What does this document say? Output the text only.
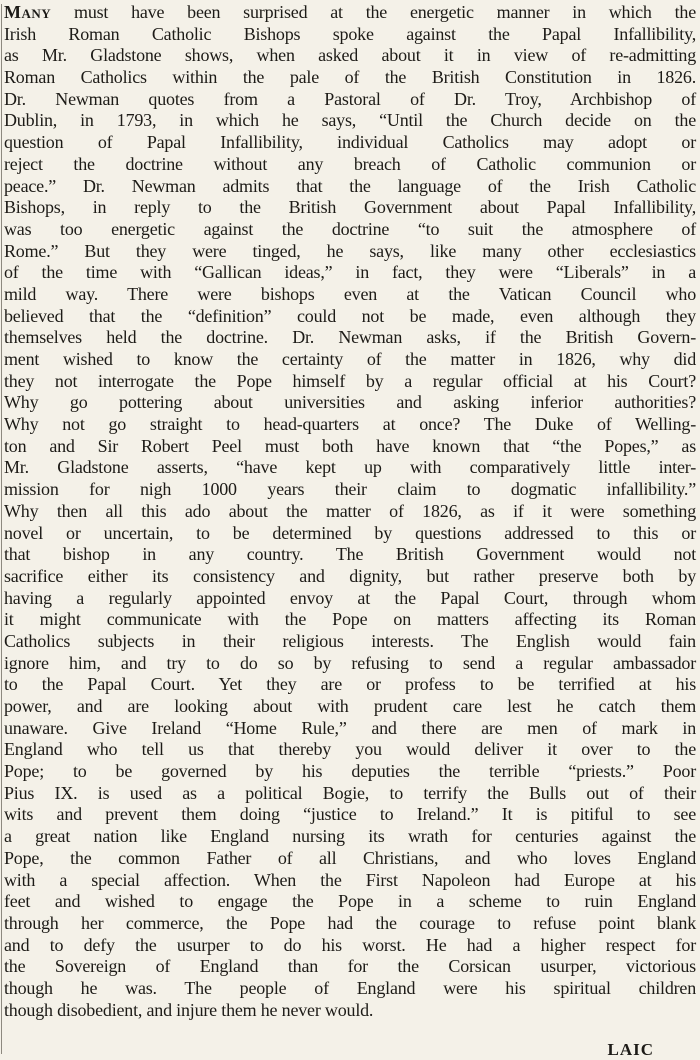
Many must have been surprised at the energetic manner in which the
Irish Roman Catholic Bishops spoke against the Papal Infallibility,
as Mr. Gladstone shows, when asked about it in view of re-admitting
Roman Catholics within the pale of the British Constitution in 1826.
Dr. Newman quotes from a Pastoral of Dr. Troy, Archbishop of
Dublin, in 1793, in which he says, “Until the Church decide on the
question of Papal Infallibility, individual Catholics may adopt or
reject the doctrine without any breach of Catholic communion or
peace.” Dr. Newman admits that the language of the Irish Catholic
Bishops, in reply to the British Government about Papal Infallibility,
was too energetic against the doctrine “to suit the atmosphere of
Rome.” But they were tinged, he says, like many other ecclesiastics
of the time with “Gallican ideas,” in fact, they were “Liberals” in a
mild way. There were bishops even at the Vatican Council who
believed that the “definition” could not be made, even although they
themselves held the doctrine. Dr. Newman asks, if the British Govern-
ment wished to know the certainty of the matter in 1826, why did
they not interrogate the Pope himself by a regular official at his Court?
Why go pottering about universities and asking inferior authorities?
Why not go straight to head-quarters at once? The Duke of Welling-
ton and Sir Robert Peel must both have known that “the Popes,” as
Mr. Gladstone asserts, “have kept up with comparatively little inter-
mission for nigh 1000 years their claim to dogmatic infallibility.”
Why then all this ado about the matter of 1826, as if it were something
novel or uncertain, to be determined by questions addressed to this or
that bishop in any country. The British Government would not
sacrifice either its consistency and dignity, but rather preserve both by
having a regularly appointed envoy at the Papal Court, through whom
it might communicate with the Pope on matters affecting its Roman
Catholics subjects in their religious interests. The English would fain
ignore him, and try to do so by refusing to send a regular ambassador
to the Papal Court. Yet they are or profess to be terrified at his
power, and are looking about with prudent care lest he catch them
unaware. Give Ireland “Home Rule,” and there are men of mark in
England who tell us that thereby you would deliver it over to the
Pope; to be governed by his deputies the terrible “priests.” Poor
Pius IX. is used as a political Bogie, to terrify the Bulls out of their
wits and prevent them doing “justice to Ireland.” It is pitiful to see
a great nation like England nursing its wrath for centuries against the
Pope, the common Father of all Christians, and who loves England
with a special affection. When the First Napoleon had Europe at his
feet and wished to engage the Pope in a scheme to ruin England
through her commerce, the Pope had the courage to refuse point blank
and to defy the usurper to do his worst. He had a higher respect for
the Sovereign of England than for the Corsican usurper, victorious
though he was. The people of England were his spiritual children
though disobedient, and injure them he never would.
LAIC
